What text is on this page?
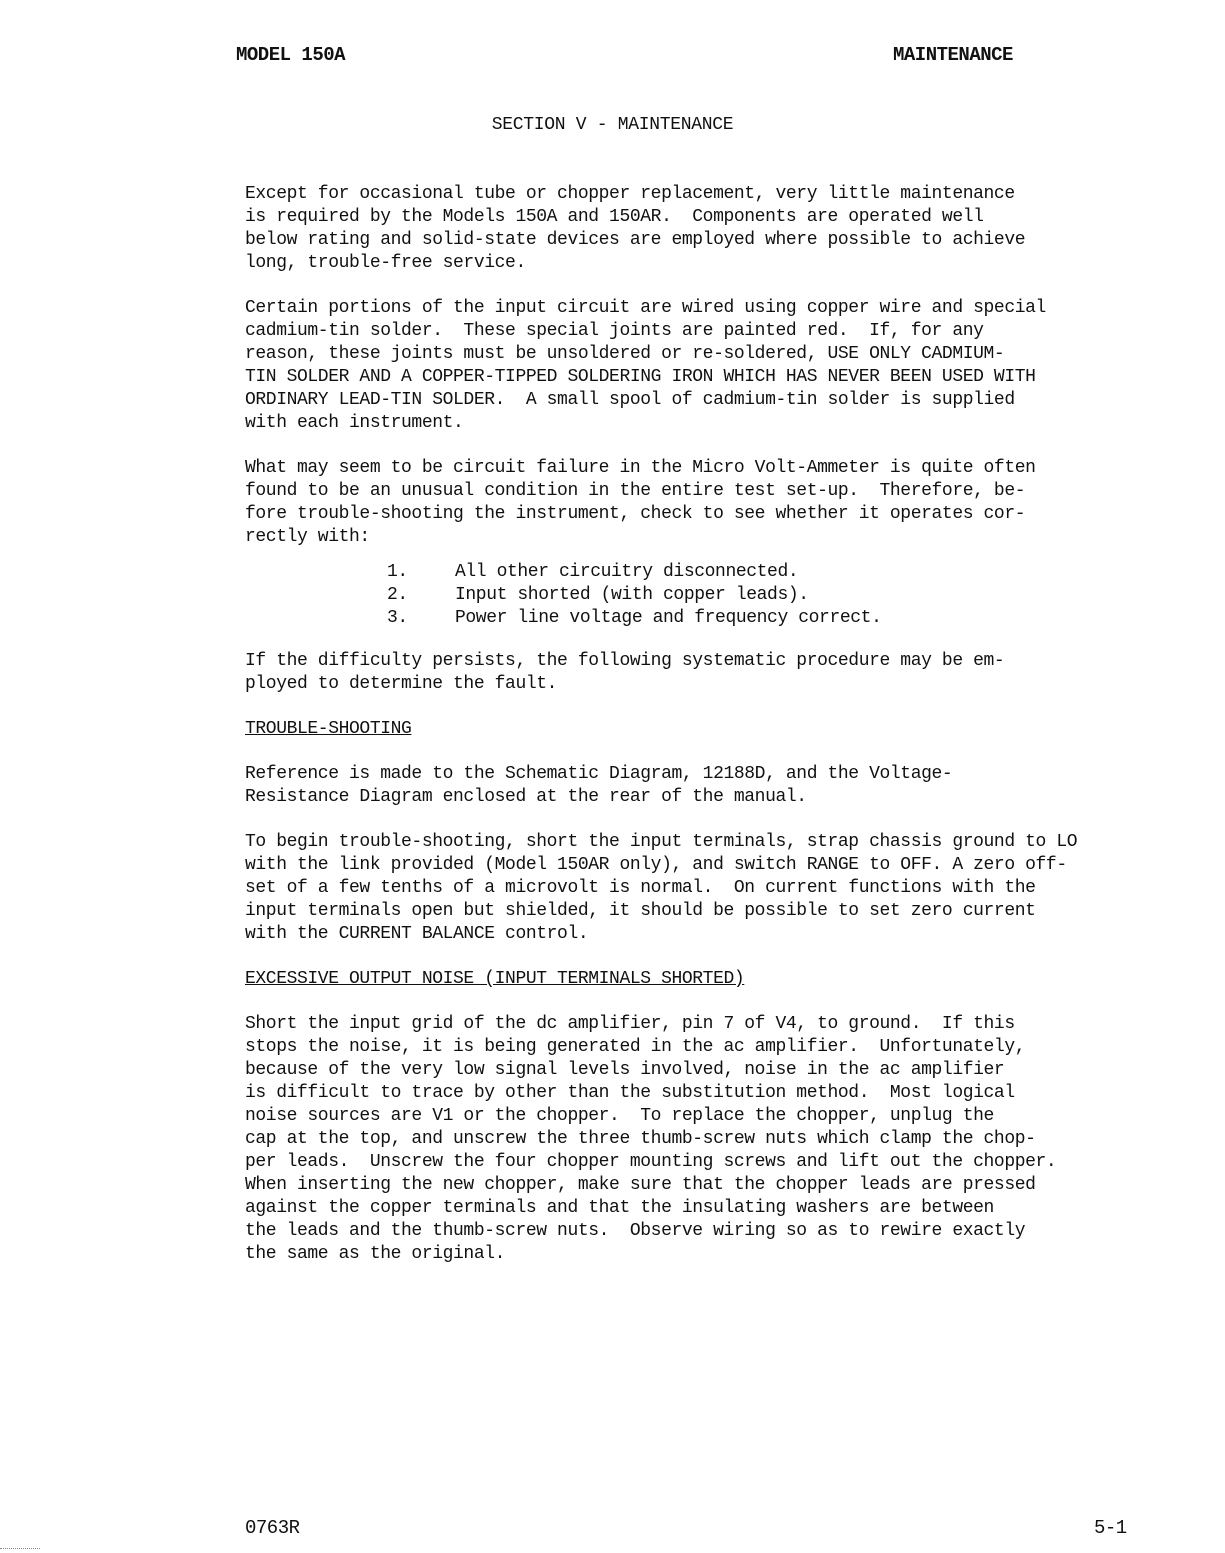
MODEL 150A	MAINTENANCE
SECTION V - MAINTENANCE
Except for occasional tube or chopper replacement, very little maintenance
is required by the Models 150A and 150AR.  Components are operated well
below rating and solid-state devices are employed where possible to achieve
long, trouble-free service.
Certain portions of the input circuit are wired using copper wire and special
cadmium-tin solder.  These special joints are painted red.  If, for any
reason, these joints must be unsoldered or re-soldered, USE ONLY CADMIUM-
TIN SOLDER AND A COPPER-TIPPED SOLDERING IRON WHICH HAS NEVER BEEN USED WITH
ORDINARY LEAD-TIN SOLDER.  A small spool of cadmium-tin solder is supplied
with each instrument.
What may seem to be circuit failure in the Micro Volt-Ammeter is quite often
found to be an unusual condition in the entire test set-up.  Therefore, be-
fore trouble-shooting the instrument, check to see whether it operates cor-
rectly with:
1.	All other circuitry disconnected.
2.	Input shorted (with copper leads).
3.	Power line voltage and frequency correct.
If the difficulty persists, the following systematic procedure may be em-
ployed to determine the fault.
TROUBLE-SHOOTING
Reference is made to the Schematic Diagram, 12188D, and the Voltage-
Resistance Diagram enclosed at the rear of the manual.
To begin trouble-shooting, short the input terminals, strap chassis ground to LO
with the link provided (Model 150AR only), and switch RANGE to OFF. A zero off-
set of a few tenths of a microvolt is normal.  On current functions with the
input terminals open but shielded, it should be possible to set zero current
with the CURRENT BALANCE control.
EXCESSIVE OUTPUT NOISE (INPUT TERMINALS SHORTED)
Short the input grid of the dc amplifier, pin 7 of V4, to ground.  If this
stops the noise, it is being generated in the ac amplifier.  Unfortunately,
because of the very low signal levels involved, noise in the ac amplifier
is difficult to trace by other than the substitution method.  Most logical
noise sources are V1 or the chopper.  To replace the chopper, unplug the
cap at the top, and unscrew the three thumb-screw nuts which clamp the chop-
per leads.  Unscrew the four chopper mounting screws and lift out the chopper.
When inserting the new chopper, make sure that the chopper leads are pressed
against the copper terminals and that the insulating washers are between
the leads and the thumb-screw nuts.  Observe wiring so as to rewire exactly
the same as the original.
0763R	5-1
